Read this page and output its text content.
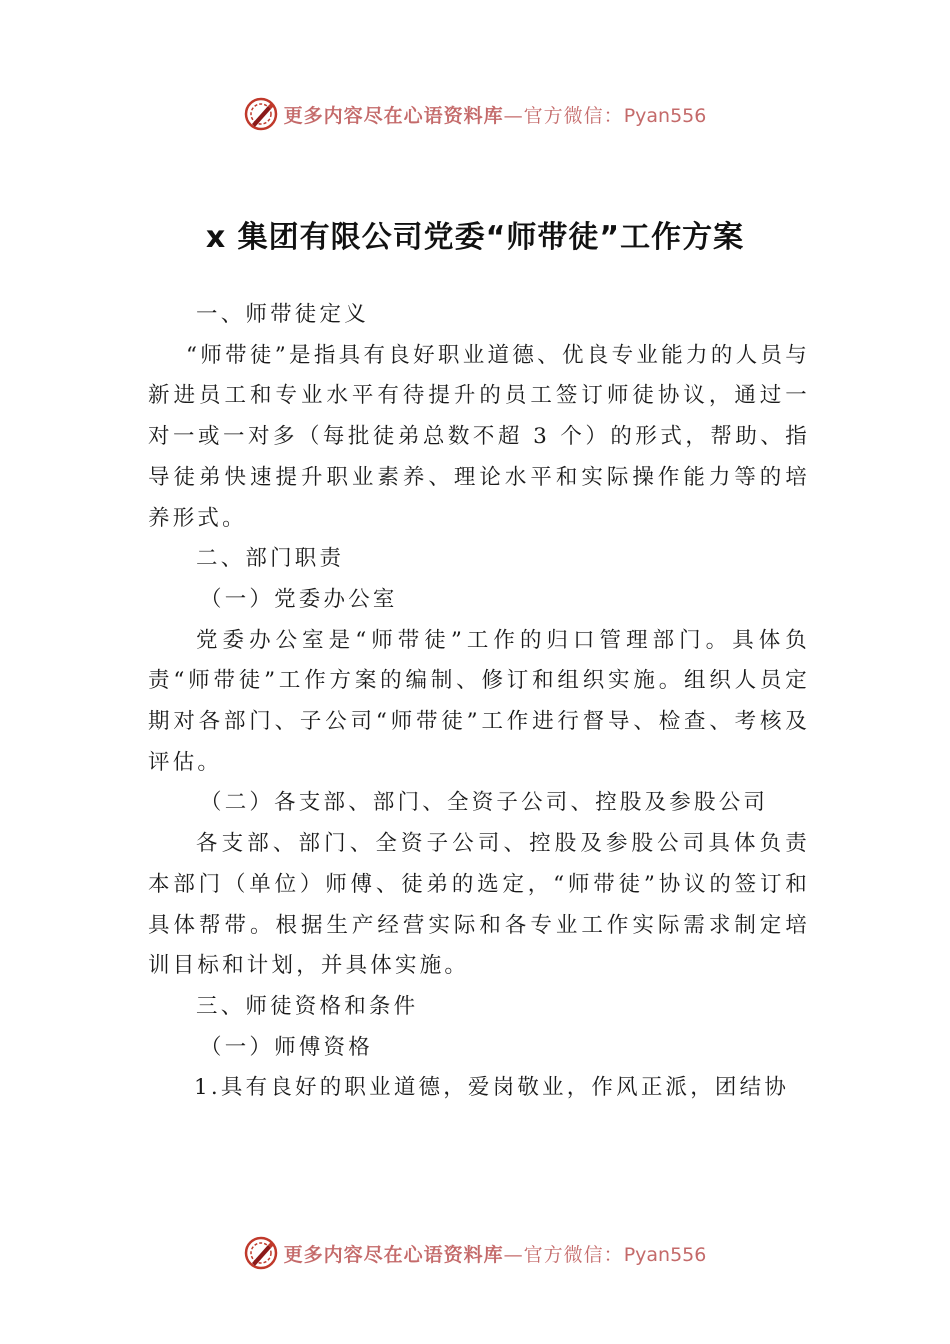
更多内容尽在心语资料库—官方微信：Pyan556
x 集团有限公司党委“师带徒”工作方案

一、师带徒定义

“师带徒”是指具有良好职业道德、优良专业能力的人员与新进员工和专业水平有待提升的员工签订师徒协议，通过一对一或一对多（每批徒弟总数不超 3 个）的形式，帮助、指导徒弟快速提升职业素养、理论水平和实际操作能力等的培养形式。

二、部门职责

（一）党委办公室

党委办公室是“师带徒”工作的归口管理部门。具体负责“师带徒”工作方案的编制、修订和组织实施。组织人员定期对各部门、子公司“师带徒”工作进行督导、检查、考核及评估。

（二）各支部、部门、全资子公司、控股及参股公司

各支部、部门、全资子公司、控股及参股公司具体负责本部门（单位）师傅、徒弟的选定，“师带徒”协议的签订和具体帮带。根据生产经营实际和各专业工作实际需求制定培训目标和计划，并具体实施。

三、师徒资格和条件

（一）师傅资格

1.具有良好的职业道德，爱岗敬业，作风正派，团结协

更多内容尽在心语资料库—官方微信：Pyan556
